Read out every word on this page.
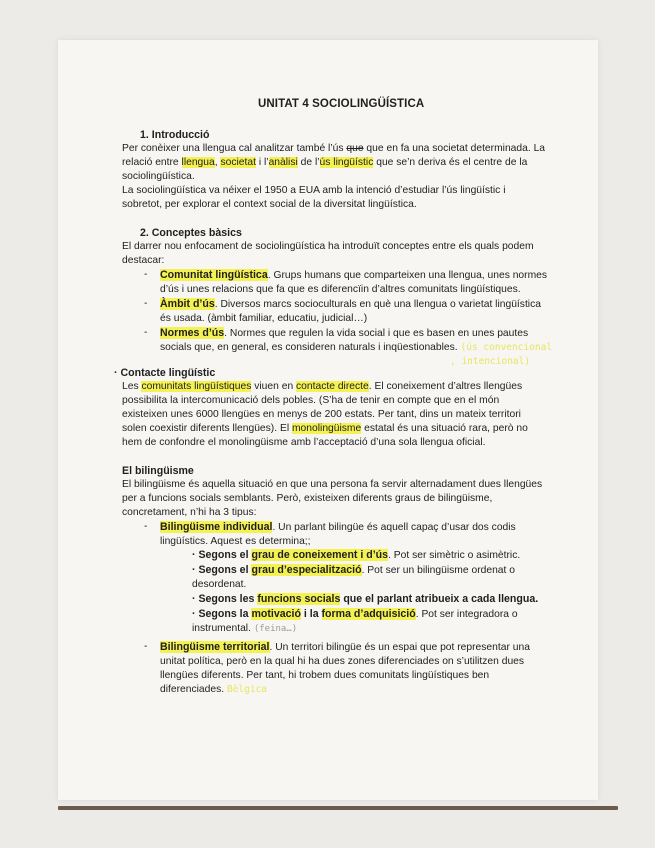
UNITAT 4 SOCIOLINGÜÍSTICA
1. Introducció
Per conèixer una llengua cal analitzar també l’ús que que en fa una societat determinada. La
relació entre llengua, societat i l’anàlisi de l’ús lingüístic que se’n deriva és el centre de la
sociolingüística.
La sociolingüística va néixer el 1950 a EUA amb la intenció d’estudiar l’ús lingüístic i
sobretot, per explorar el context social de la diversitat lingüística.
2. Conceptes bàsics
El darrer nou enfocament de sociolingüística ha introduït conceptes entre els quals podem
destacar:
- Comunitat lingüística. Grups humans que comparteixen una llengua, unes normes
d’ús i unes relacions que fa que es diferencïin d’altres comunitats lingüístiques.
- Àmbit d’ús. Diversos marcs socioculturals en què una llengua o varietat lingüística
és usada. (àmbit familiar, educatiu, judicial…)
- Normes d’ús. Normes que regulen la vida social i que es basen en unes pautes
socials que, en general, es consideren naturals i inqüestionables. (ús convencional
, intencional)
· Contacte lingüístic
Les comunitats lingüístiques viuen en contacte directe. El coneixement d’altres llengües
possibilita la intercomunicació dels pobles. (S’ha de tenir en compte que en el món
existeixen unes 6000 llengües en menys de 200 estats. Per tant, dins un mateix territori
solen coexistir diferents llengües). El monolingüisme estatal és una situació rara, però no
hem de confondre el monolingüisme amb l’acceptació d’una sola llengua oficial.
El bilingüisme
El bilingüisme és aquella situació en que una persona fa servir alternadament dues llengües
per a funcions socials semblants. Però, existeixen diferents graus de bilingüisme,
concretament, n’hi ha 3 tipus:
- Bilingüisme individual. Un parlant bilingüe és aquell capaç d’usar dos codis
lingüístics. Aquest es determina;;
· Segons el grau de coneixement i d’ús. Pot ser simètric o asimètric.
· Segons el grau d’especialització. Pot ser un bilingüisme ordenat o
desordenat.
· Segons les funcions socials que el parlant atribueix a cada llengua.
· Segons la motivació i la forma d’adquisició. Pot ser integradora o
instrumental. (feina…)
- Bilingüisme territorial. Un territori bilingüe és un espai que pot representar una
unitat política, però en la qual hi ha dues zones diferenciades on s’utilitzen dues
llengües diferents. Per tant, hi trobem dues comunitats lingüístiques ben
diferenciades. Bèlgica
